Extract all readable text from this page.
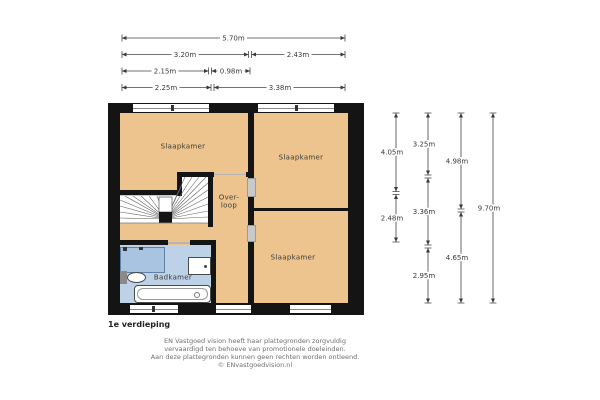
Slaapkamer
Slaapkamer
Slaapkamer
Over-
loop
Badkamer
5.70m
3.20m	2.43m
2.15m	0.98m
2.25m	3.38m
4.05m
2.48m
3.25m
3.36m
2.95m
4.98m
4.65m
9.70m
1e verdieping
EN Vastgoed vision heeft haar plattegronden zorgvuldig
vervaardigd ten behoeve van promotionele doeleinden.
Aan deze plattegronden kunnen geen rechten worden ontleend.
© ENvastgoedvision.nl
